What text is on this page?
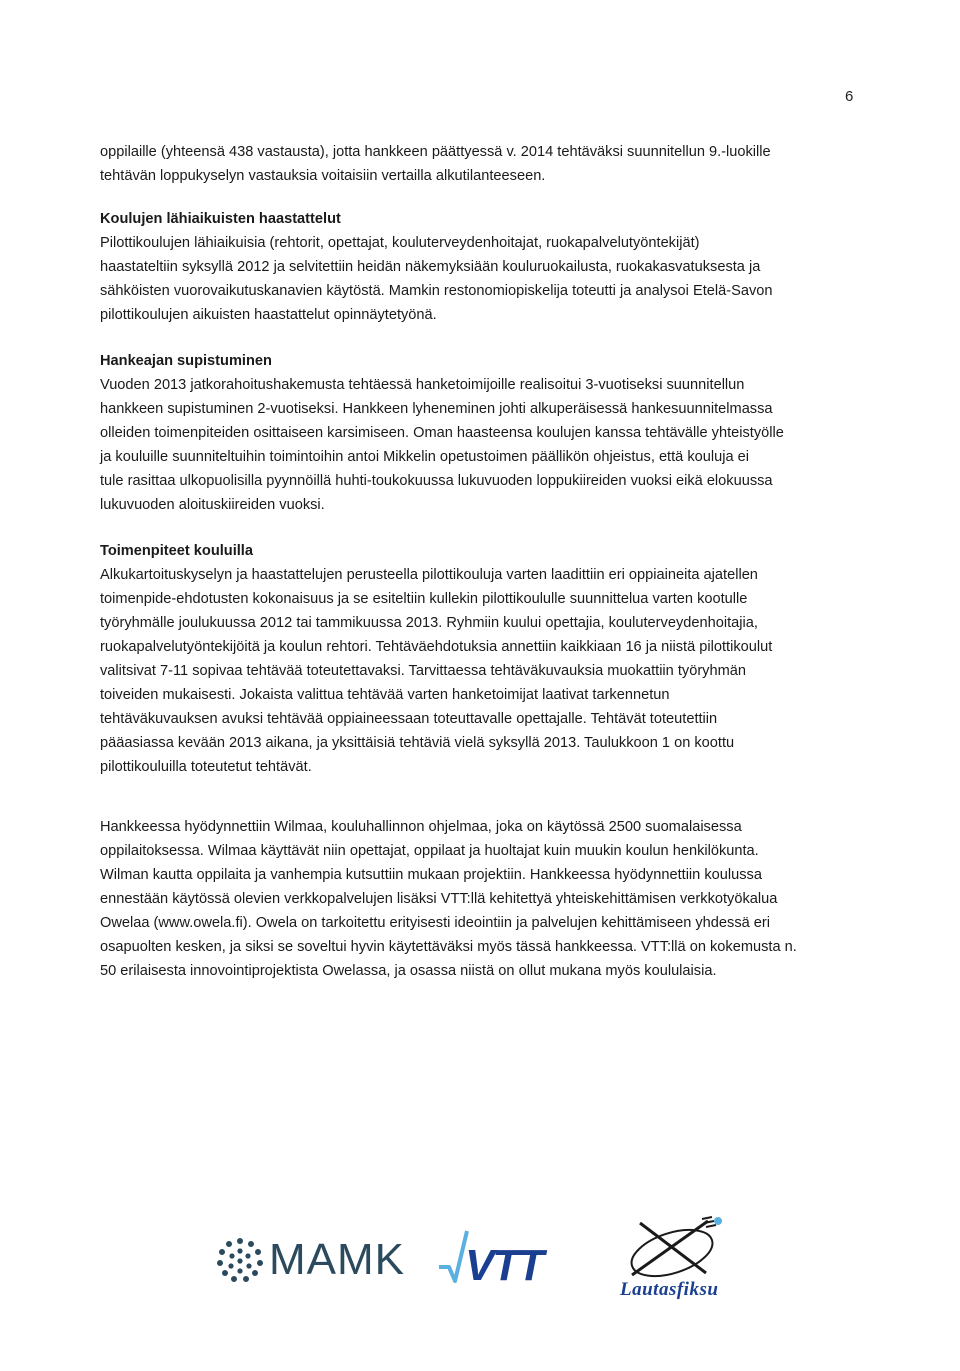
6

oppilaille (yhteensä 438 vastausta), jotta hankkeen päättyessä v. 2014 tehtäväksi suunnitellun 9.-luokille
tehtävän loppukyselyn vastauksia voitaisiin vertailla alkutilanteeseen.

Koulujen lähiaikuisten haastattelut

Pilottikoulujen lähiaikuisia (rehtorit, opettajat, kouluterveydenhoitajat, ruokapalvelutyöntekijät)
haastateltiin syksyllä 2012 ja selvitettiin heidän näkemyksiään kouluruokailusta, ruokakasvatuksesta ja
sähköisten vuorovaikutuskanavien käytöstä. Mamkin restonomiopiskelija toteutti ja analysoi Etelä-Savon
pilottikoulujen aikuisten haastattelut opinnäytetyönä.

Hankeajan supistuminen

Vuoden 2013 jatkorahoitushakemusta tehtäessä hanketoimijoille realisoitui 3-vuotiseksi suunnitellun
hankkeen supistuminen 2-vuotiseksi. Hankkeen lyheneminen johti alkuperäisessä hankesuunnitelmassa
olleiden toimenpiteiden osittaiseen karsimiseen. Oman haasteensa koulujen kanssa tehtävälle yhteistyölle
ja kouluille suunniteltuihin toimintoihin antoi Mikkelin opetustoimen päällikön ohjeistus, että kouluja ei
tule rasittaa ulkopuolisilla pyynnöillä huhti-toukokuussa lukuvuoden loppukiireiden vuoksi eikä elokuussa
lukuvuoden aloituskiireiden vuoksi.

Toimenpiteet kouluilla

Alkukartoituskyselyn ja haastattelujen perusteella pilottikouluja varten laadittiin eri oppiaineita ajatellen
toimenpide-ehdotusten kokonaisuus ja se esiteltiin kullekin pilottikoululle suunnittelua varten kootulle
työryhmälle joulukuussa 2012 tai tammikuussa 2013. Ryhmiin kuului opettajia, kouluterveydenhoitajia,
ruokapalvelutyöntekijöitä ja koulun rehtori. Tehtäväehdotuksia annettiin kaikkiaan 16 ja niistä pilottikoulut
valitsivat 7-11 sopivaa tehtävää toteutettavaksi. Tarvittaessa tehtäväkuvauksia muokattiin työryhmän
toiveiden mukaisesti. Jokaista valittua tehtävää varten hanketoimijat laativat tarkennetun
tehtäväkuvauksen avuksi tehtävää oppiaineessaan toteuttavalle opettajalle. Tehtävät toteutettiin
pääasiassa kevään 2013 aikana, ja yksittäisiä tehtäviä vielä syksyllä 2013. Taulukkoon 1 on koottu
pilottikouluilla toteutetut tehtävät.

Hankkeessa hyödynnettiin Wilmaa, kouluhallinnon ohjelmaa, joka on käytössä 2500 suomalaisessa
oppilaitoksessa. Wilmaa käyttävät niin opettajat, oppilaat ja huoltajat kuin muukin koulun henkilökunta.
Wilman kautta oppilaita ja vanhempia kutsuttiin mukaan projektiin. Hankkeessa hyödynnettiin koulussa
ennestään käytössä olevien verkkopalvelujen lisäksi VTT:llä kehitettyä yhteiskehittämisen verkkotyökalua
Owelaa (www.owela.fi). Owela on tarkoitettu erityisesti ideointiin ja palvelujen kehittämiseen yhdessä eri
osapuolten kesken, ja siksi se soveltui hyvin käytettäväksi myös tässä hankkeessa. VTT:llä on kokemusta n.
50 erilaisesta innovointiprojektista Owelassa, ja osassa niistä on ollut mukana myös koululaisia.

MAMK VTT	Lautasfiksu
